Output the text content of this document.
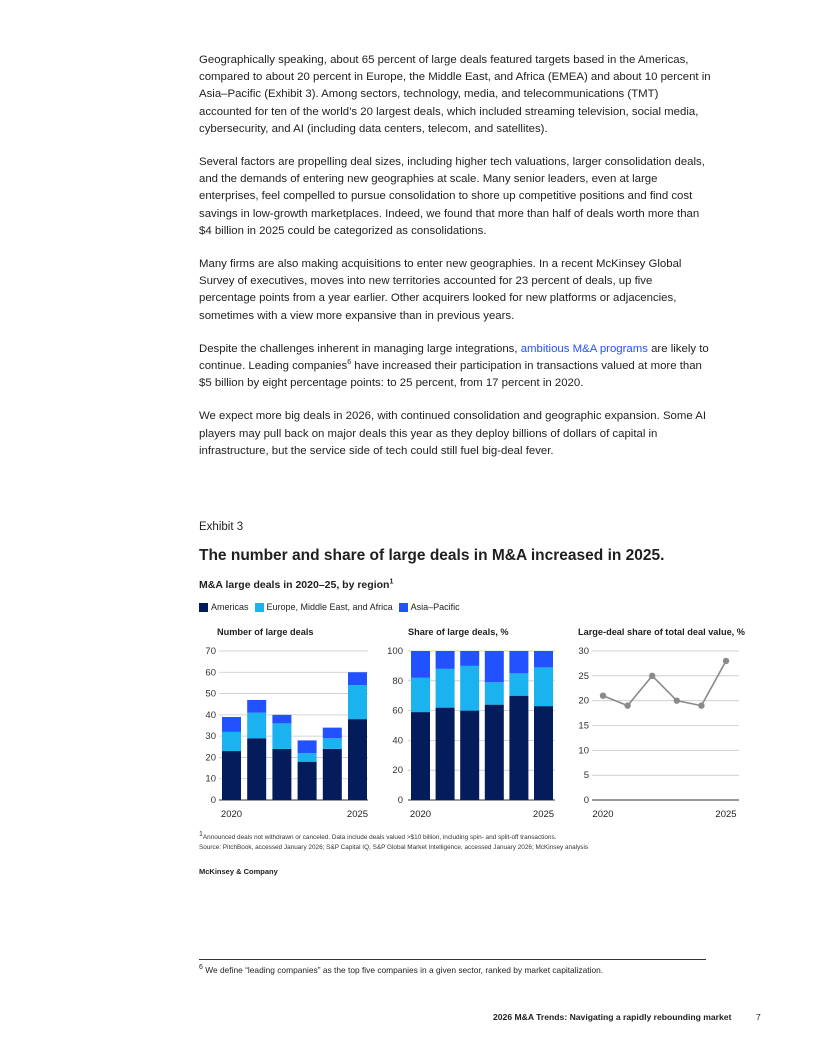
Geographically speaking, about 65 percent of large deals featured targets based in the Americas, compared to about 20 percent in Europe, the Middle East, and Africa (EMEA) and about 10 percent in Asia–Pacific (Exhibit 3). Among sectors, technology, media, and telecommunications (TMT) accounted for ten of the world’s 20 largest deals, which included streaming television, social media, cybersecurity, and AI (including data centers, telecom, and satellites).

Several factors are propelling deal sizes, including higher tech valuations, larger consolidation deals, and the demands of entering new geographies at scale. Many senior leaders, even at large enterprises, feel compelled to pursue consolidation to shore up competitive positions and find cost savings in low-growth marketplaces. Indeed, we found that more than half of deals worth more than $4 billion in 2025 could be categorized as consolidations.

Many firms are also making acquisitions to enter new geographies. In a recent McKinsey Global Survey of executives, moves into new territories accounted for 23 percent of deals, up five percentage points from a year earlier. Other acquirers looked for new platforms or adjacencies, sometimes with a view more expansive than in previous years.

Despite the challenges inherent in managing large integrations, ambitious M&A programs are likely to continue. Leading companies$^6$ have increased their participation in transactions valued at more than $5 billion by eight percentage points: to 25 percent, from 17 percent in 2020.

We expect more big deals in 2026, with continued consolidation and geographic expansion. Some AI players may pull back on major deals this year as they deploy billions of dollars of capital in infrastructure, but the service side of tech could still fuel big-deal fever.

Exhibit 3
The number and share of large deals in M&A increased in 2025.
M&A large deals in 2020–25, by region$^1$
Americas Europe, Middle East, and Africa Asia–Pacific
Number of large deals	Share of large deals, %	Large-deal share of total deal value, %
0
10
20
30
40
50
60
70
2020	2025
0
20
40
60
80
100
2020	2025
0
5
10
15
20
25
30
2020	2025
$^1$Announced deals not withdrawn or canceled. Data include deals valued >$10 billion, including spin- and split-off transactions.
Source: PitchBook, accessed January 2026; S&P Capital IQ, S&P Global Market Intelligence, accessed January 2026; McKinsey analysis
McKinsey & Company
$^6$ We define “leading companies” as the top five companies in a given sector, ranked by market capitalization.
2026 M&A Trends: Navigating a rapidly rebounding market	7
